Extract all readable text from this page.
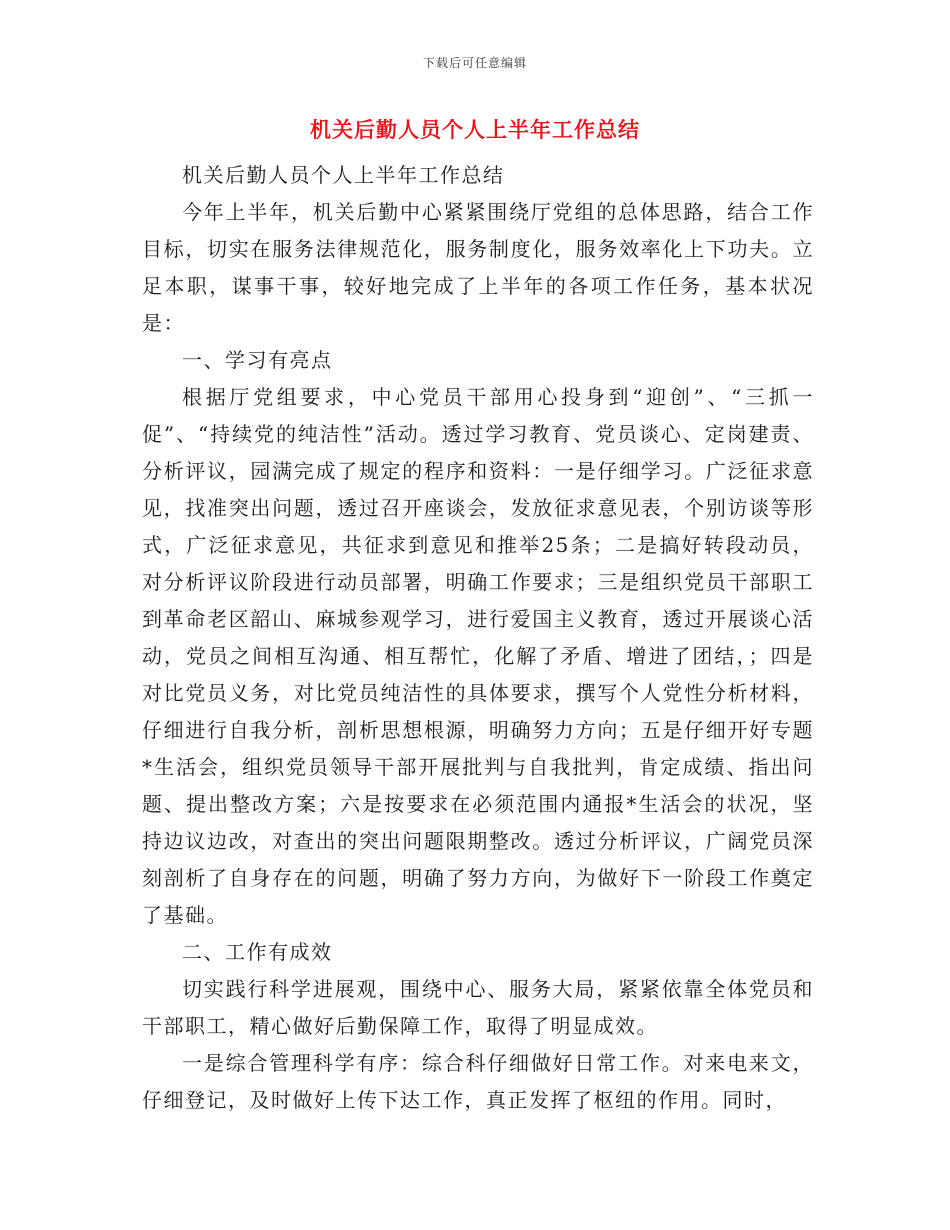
下载后可任意编辑
机关后勤人员个人上半年工作总结

机关后勤人员个人上半年工作总结

今年上半年，机关后勤中心紧紧围绕厅党组的总体思路，结合工作目标，切实在服务法律规范化，服务制度化，服务效率化上下功夫。立足本职，谋事干事，较好地完成了上半年的各项工作任务，基本状况是：

一、学习有亮点

根据厅党组要求，中心党员干部用心投身到“迎创”、“三抓一促”、“持续党的纯洁性”活动。透过学习教育、党员谈心、定岗建责、分析评议，园满完成了规定的程序和资料：一是仔细学习。广泛征求意见，找准突出问题，透过召开座谈会，发放征求意见表，个别访谈等形式，广泛征求意见，共征求到意见和推举25条；二是搞好转段动员，对分析评议阶段进行动员部署，明确工作要求；三是组织党员干部职工到革命老区韶山、麻城参观学习，进行爱国主义教育，透过开展谈心活动，党员之间相互沟通、相互帮忙，化解了矛盾、增进了团结，；四是对比党员义务，对比党员纯洁性的具体要求，撰写个人党性分析材料，仔细进行自我分析，剖析思想根源，明确努力方向；五是仔细开好专题*生活会，组织党员领导干部开展批判与自我批判，肯定成绩、指出问题、提出整改方案；六是按要求在必须范围内通报*生活会的状况，坚持边议边改，对查出的突出问题限期整改。透过分析评议，广阔党员深刻剖析了自身存在的问题，明确了努力方向，为做好下一阶段工作奠定了基础。

二、工作有成效

切实践行科学进展观，围绕中心、服务大局，紧紧依靠全体党员和干部职工，精心做好后勤保障工作，取得了明显成效。

一是综合管理科学有序：综合科仔细做好日常工作。对来电来文，仔细登记，及时做好上传下达工作，真正发挥了枢纽的作用。同时，
